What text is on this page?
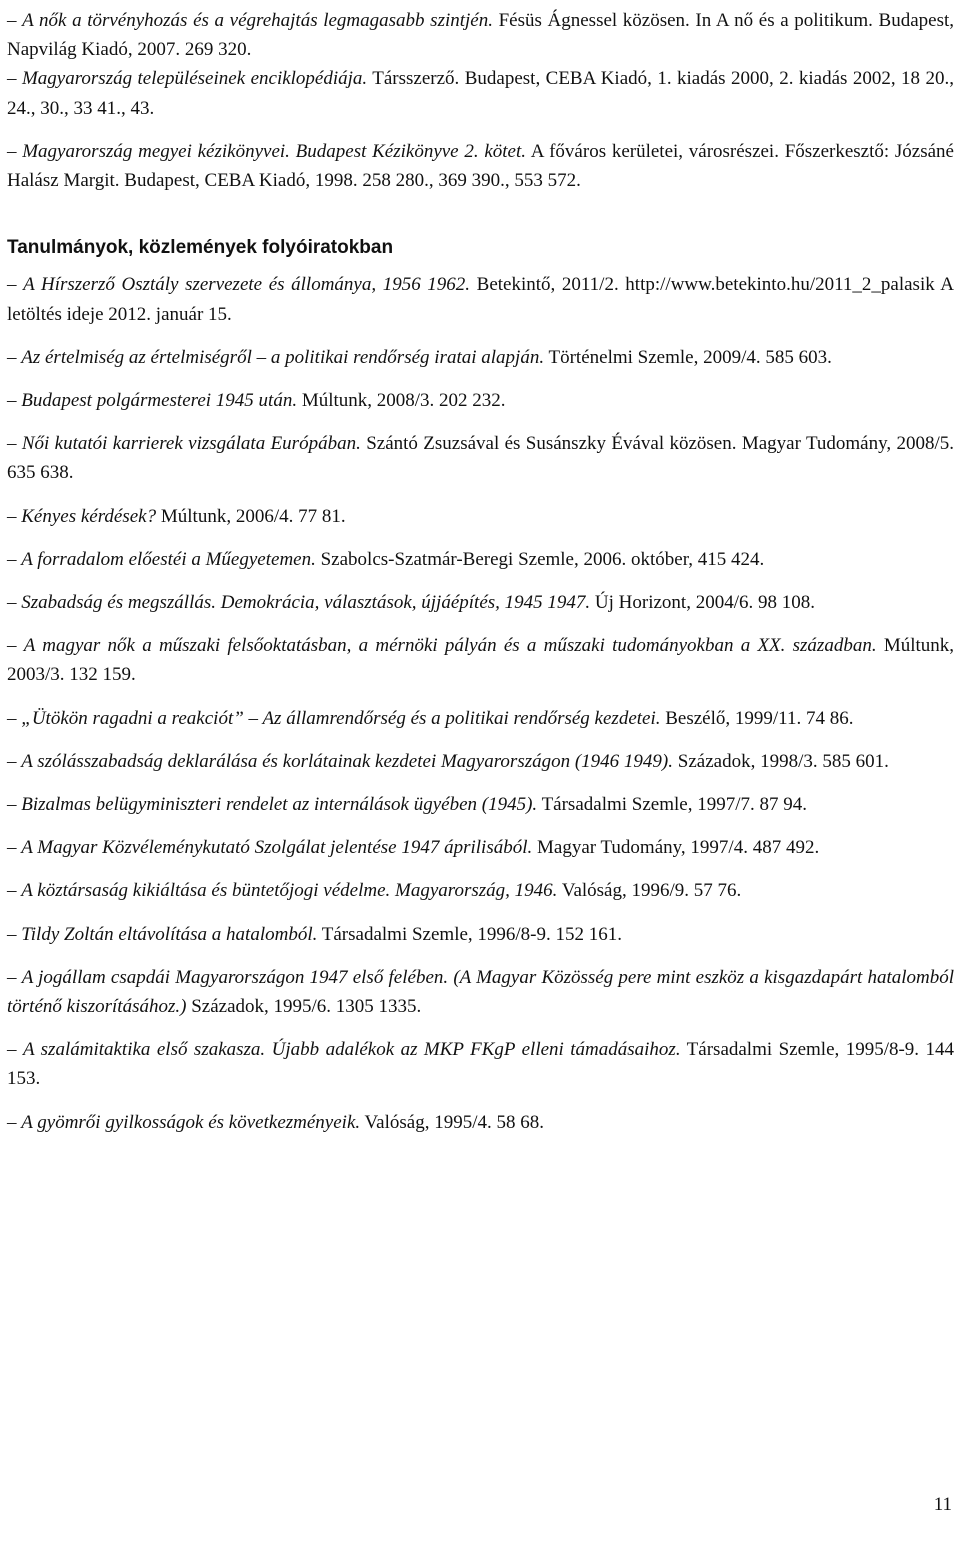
– A nők a törvényhozás és a végrehajtás legmagasabb szintjén. Fésüs Ágnessel közösen. In A nő és a politikum. Budapest, Napvilág Kiadó, 2007. 269 320.

– Magyarország településeinek enciklopédiája. Társszerző. Budapest, CEBA Kiadó, 1. kiadás 2000, 2. kiadás 2002, 18 20., 24., 30., 33 41., 43.

– Magyarország megyei kézikönyvei. Budapest Kézikönyve 2. kötet. A főváros kerületei, városrészei. Főszerkesztő: Józsáné Halász Margit. Budapest, CEBA Kiadó, 1998. 258 280., 369 390., 553 572.

Tanulmányok, közlemények folyóiratokban

– A Hírszerző Osztály szervezete és állománya, 1956 1962. Betekintő, 2011/2. http://www.betekinto.hu/2011_2_palasik A letöltés ideje 2012. január 15.

– Az értelmiség az értelmiségről – a politikai rendőrség iratai alapján. Történelmi Szemle, 2009/4. 585 603.

– Budapest polgármesterei 1945 után. Múltunk, 2008/3. 202 232.

– Női kutatói karrierek vizsgálata Európában. Szántó Zsuzsával és Susánszky Évával közösen. Magyar Tudomány, 2008/5. 635 638.

– Kényes kérdések? Múltunk, 2006/4. 77 81.

– A forradalom előestéi a Műegyetemen. Szabolcs-Szatmár-Beregi Szemle, 2006. október, 415 424.

– Szabadság és megszállás. Demokrácia, választások, újjáépítés, 1945 1947. Új Horizont, 2004/6. 98 108.

– A magyar nők a műszaki felsőoktatásban, a mérnöki pályán és a műszaki tudományokban a XX. században. Múltunk, 2003/3. 132 159.

– „Ütökön ragadni a reakciót” – Az államrendőrség és a politikai rendőrség kezdetei. Beszélő, 1999/11. 74 86.

– A szólásszabadság deklarálása és korlátainak kezdetei Magyarországon (1946 1949). Századok, 1998/3. 585 601.

– Bizalmas belügyminiszteri rendelet az internálások ügyében (1945). Társadalmi Szemle, 1997/7. 87 94.

– A Magyar Közvéleménykutató Szolgálat jelentése 1947 áprilisából. Magyar Tudomány, 1997/4. 487 492.

– A köztársaság kikiáltása és büntetőjogi védelme. Magyarország, 1946. Valóság, 1996/9. 57 76.

– Tildy Zoltán eltávolítása a hatalomból. Társadalmi Szemle, 1996/8-9. 152 161.

– A jogállam csapdái Magyarországon 1947 első felében. (A Magyar Közösség pere mint eszköz a kisgazdapárt hatalomból történő kiszorításához.) Századok, 1995/6. 1305 1335.

– A szalámitaktika első szakasza. Újabb adalékok az MKP FKgP elleni támadásaihoz. Társadalmi Szemle, 1995/8-9. 144 153.

– A gyömrői gyilkosságok és következményeik. Valóság, 1995/4. 58 68.

11
